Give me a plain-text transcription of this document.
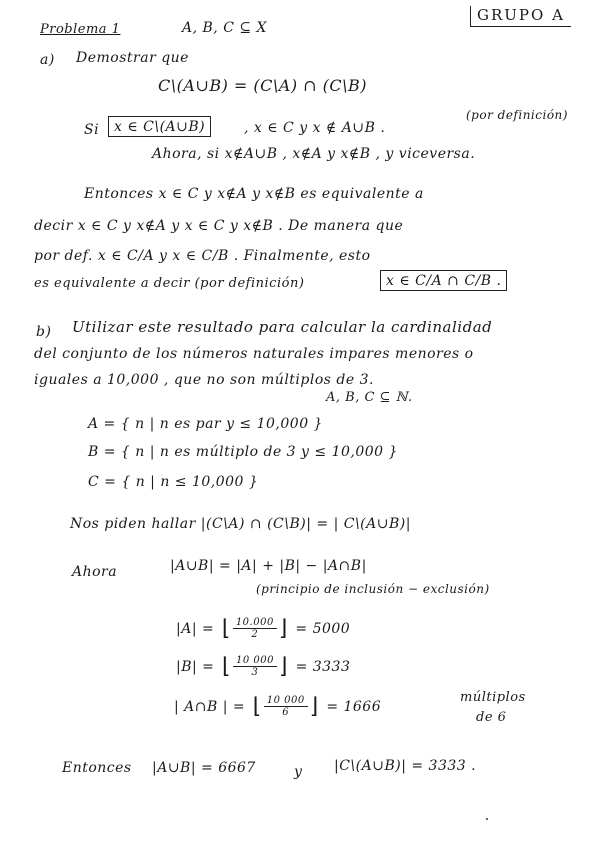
Problema 1	A, B, C ⊆ X
GRUPO A
a) Demostrar que
C\(A∪B) = (C\A) ∩ (C\B)
Si	x ∈ C\(A∪B)	, x ∈ C y x ∉ A∪B .
(por definición)
Ahora, si x∉A∪B , x∉A y x∉B , y viceversa.
Entonces x ∈ C y x∉A y x∉B es equivalente a
decir x ∈ C y x∉A y x ∈ C y x∉B . De manera que
por def. x ∈ C/A y x ∈ C/B . Finalmente, esto
es equivalente a decir (por definición)	x ∈ C/A ∩ C/B .
b) Utilizar este resultado para calcular la cardinalidad
del conjunto de los números naturales impares menores o
iguales a 10,000 , que no son múltiplos de 3.
A, B, C ⊆ ℕ.
A = { n | n es par y ≤ 10,000 }
B = { n | n es múltiplo de 3 y ≤ 10,000 }
C = { n | n ≤ 10,000 }
Nos piden hallar |(C\A) ∩ (C\B)| = | C\(A∪B)|
Ahora	|A∪B| = |A| + |B| − |A∩B|
(principio de inclusión − exclusión)
|A| = ⌊ $\frac{10.000}{2}$ ⌋ = 5000
|B| = ⌊ $\frac{10 000}{3}$ ⌋ = 3333
| A∩B | = ⌊ $\frac{10 000}{6}$ ⌋ = 1666
múltiplos
de 6
Entonces |A∪B| = 6667	y |C\(A∪B)| = 3333 .
